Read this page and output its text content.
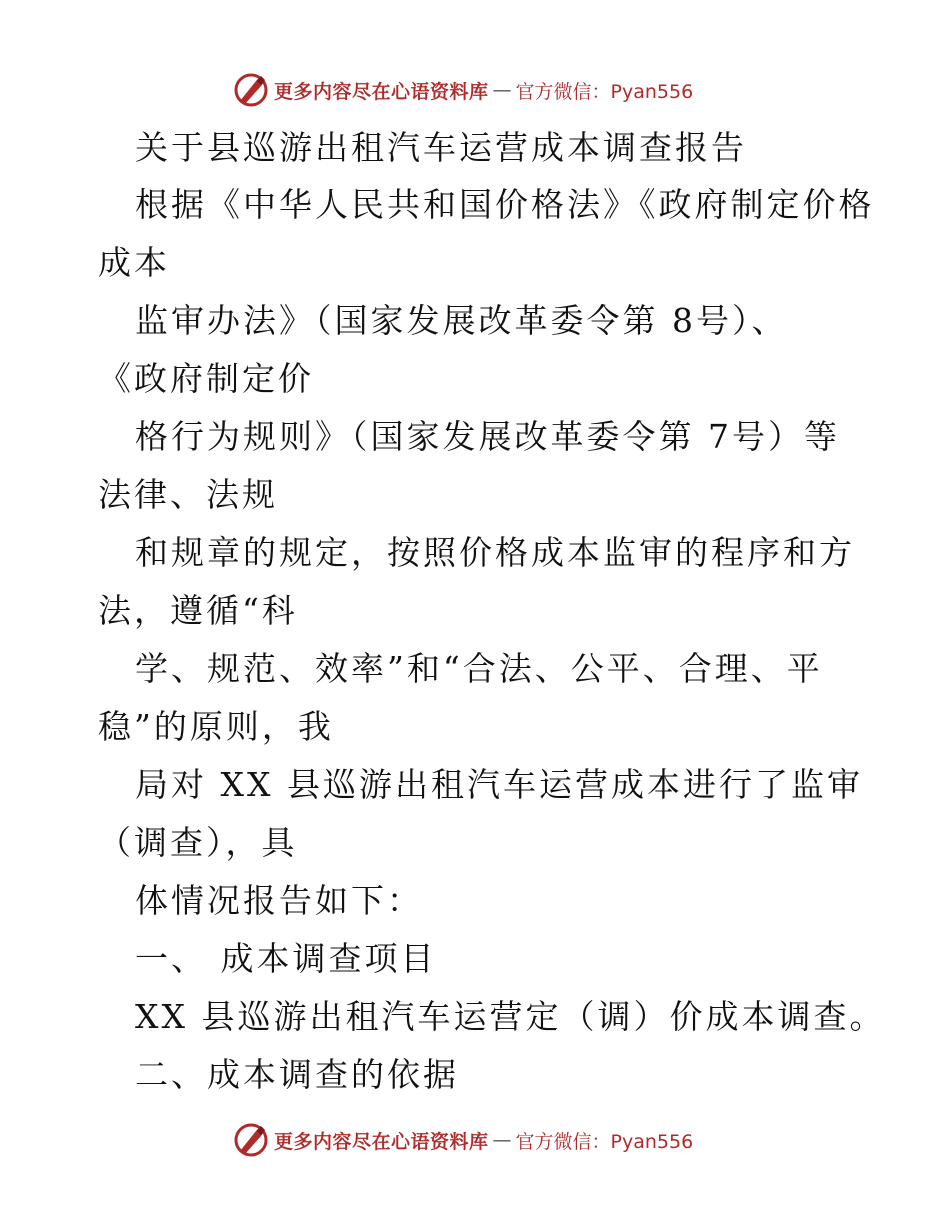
更多内容尽在心语资料库 — 官方微信：Pyan556
关于县巡游出租汽车运营成本调查报告
根据《中华人民共和国价格法》《政府制定价格
成本
监审办法》（国家发展改革委令第 8号）、
《政府制定价
格行为规则》（国家发展改革委令第 7号）等
法律、法规
和规章的规定，按照价格成本监审的程序和方
法，遵循“科
学、规范、效率”和“合法、公平、合理、平
稳”的原则，我
局对 XX 县巡游出租汽车运营成本进行了监审
（调查），具
体情况报告如下：
一、 成本调查项目
XX 县巡游出租汽车运营定（调）价成本调查。
二、成本调查的依据
更多内容尽在心语资料库 — 官方微信：Pyan556
